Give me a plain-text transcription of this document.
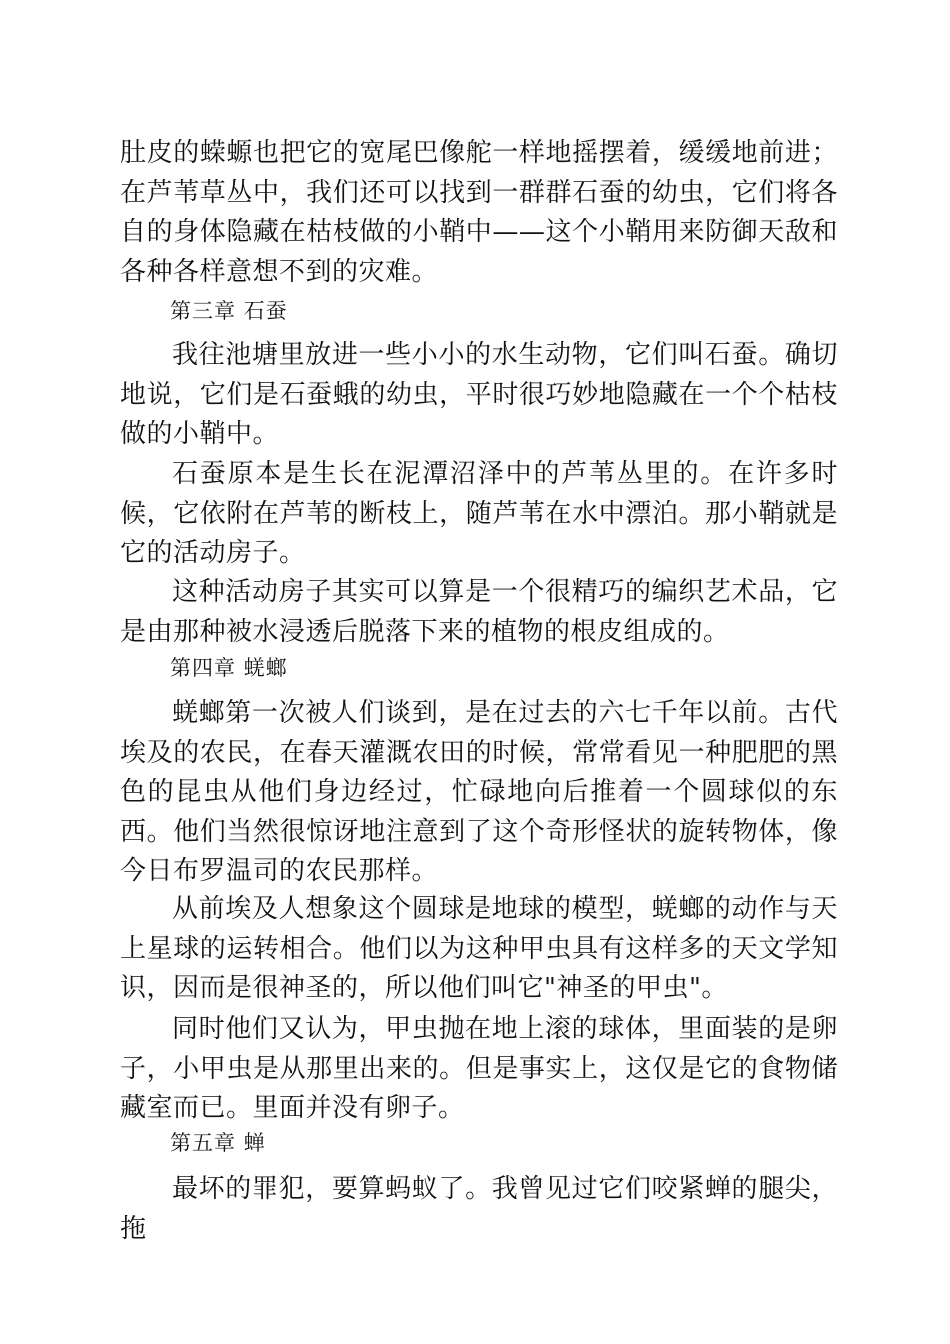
肚皮的蝾螈也把它的宽尾巴像舵一样地摇摆着，缓缓地前进；在芦苇草丛中，我们还可以找到一群群石蚕的幼虫，它们将各自的身体隐藏在枯枝做的小鞘中——这个小鞘用来防御天敌和各种各样意想不到的灾难。

第三章 石蚕

我往池塘里放进一些小小的水生动物，它们叫石蚕。确切地说，它们是石蚕蛾的幼虫，平时很巧妙地隐藏在一个个枯枝做的小鞘中。

石蚕原本是生长在泥潭沼泽中的芦苇丛里的。在许多时候，它依附在芦苇的断枝上，随芦苇在水中漂泊。那小鞘就是它的活动房子。

这种活动房子其实可以算是一个很精巧的编织艺术品，它是由那种被水浸透后脱落下来的植物的根皮组成的。

第四章 蜣螂

蜣螂第一次被人们谈到，是在过去的六七千年以前。古代埃及的农民，在春天灌溉农田的时候，常常看见一种肥肥的黑色的昆虫从他们身边经过，忙碌地向后推着一个圆球似的东西。他们当然很惊讶地注意到了这个奇形怪状的旋转物体，像今日布罗温司的农民那样。

从前埃及人想象这个圆球是地球的模型，蜣螂的动作与天上星球的运转相合。他们以为这种甲虫具有这样多的天文学知识，因而是很神圣的，所以他们叫它"神圣的甲虫"。

同时他们又认为，甲虫抛在地上滚的球体，里面装的是卵子，小甲虫是从那里出来的。但是事实上，这仅是它的食物储藏室而已。里面并没有卵子。

第五章 蝉

最坏的罪犯，要算蚂蚁了。我曾见过它们咬紧蝉的腿尖，拖
